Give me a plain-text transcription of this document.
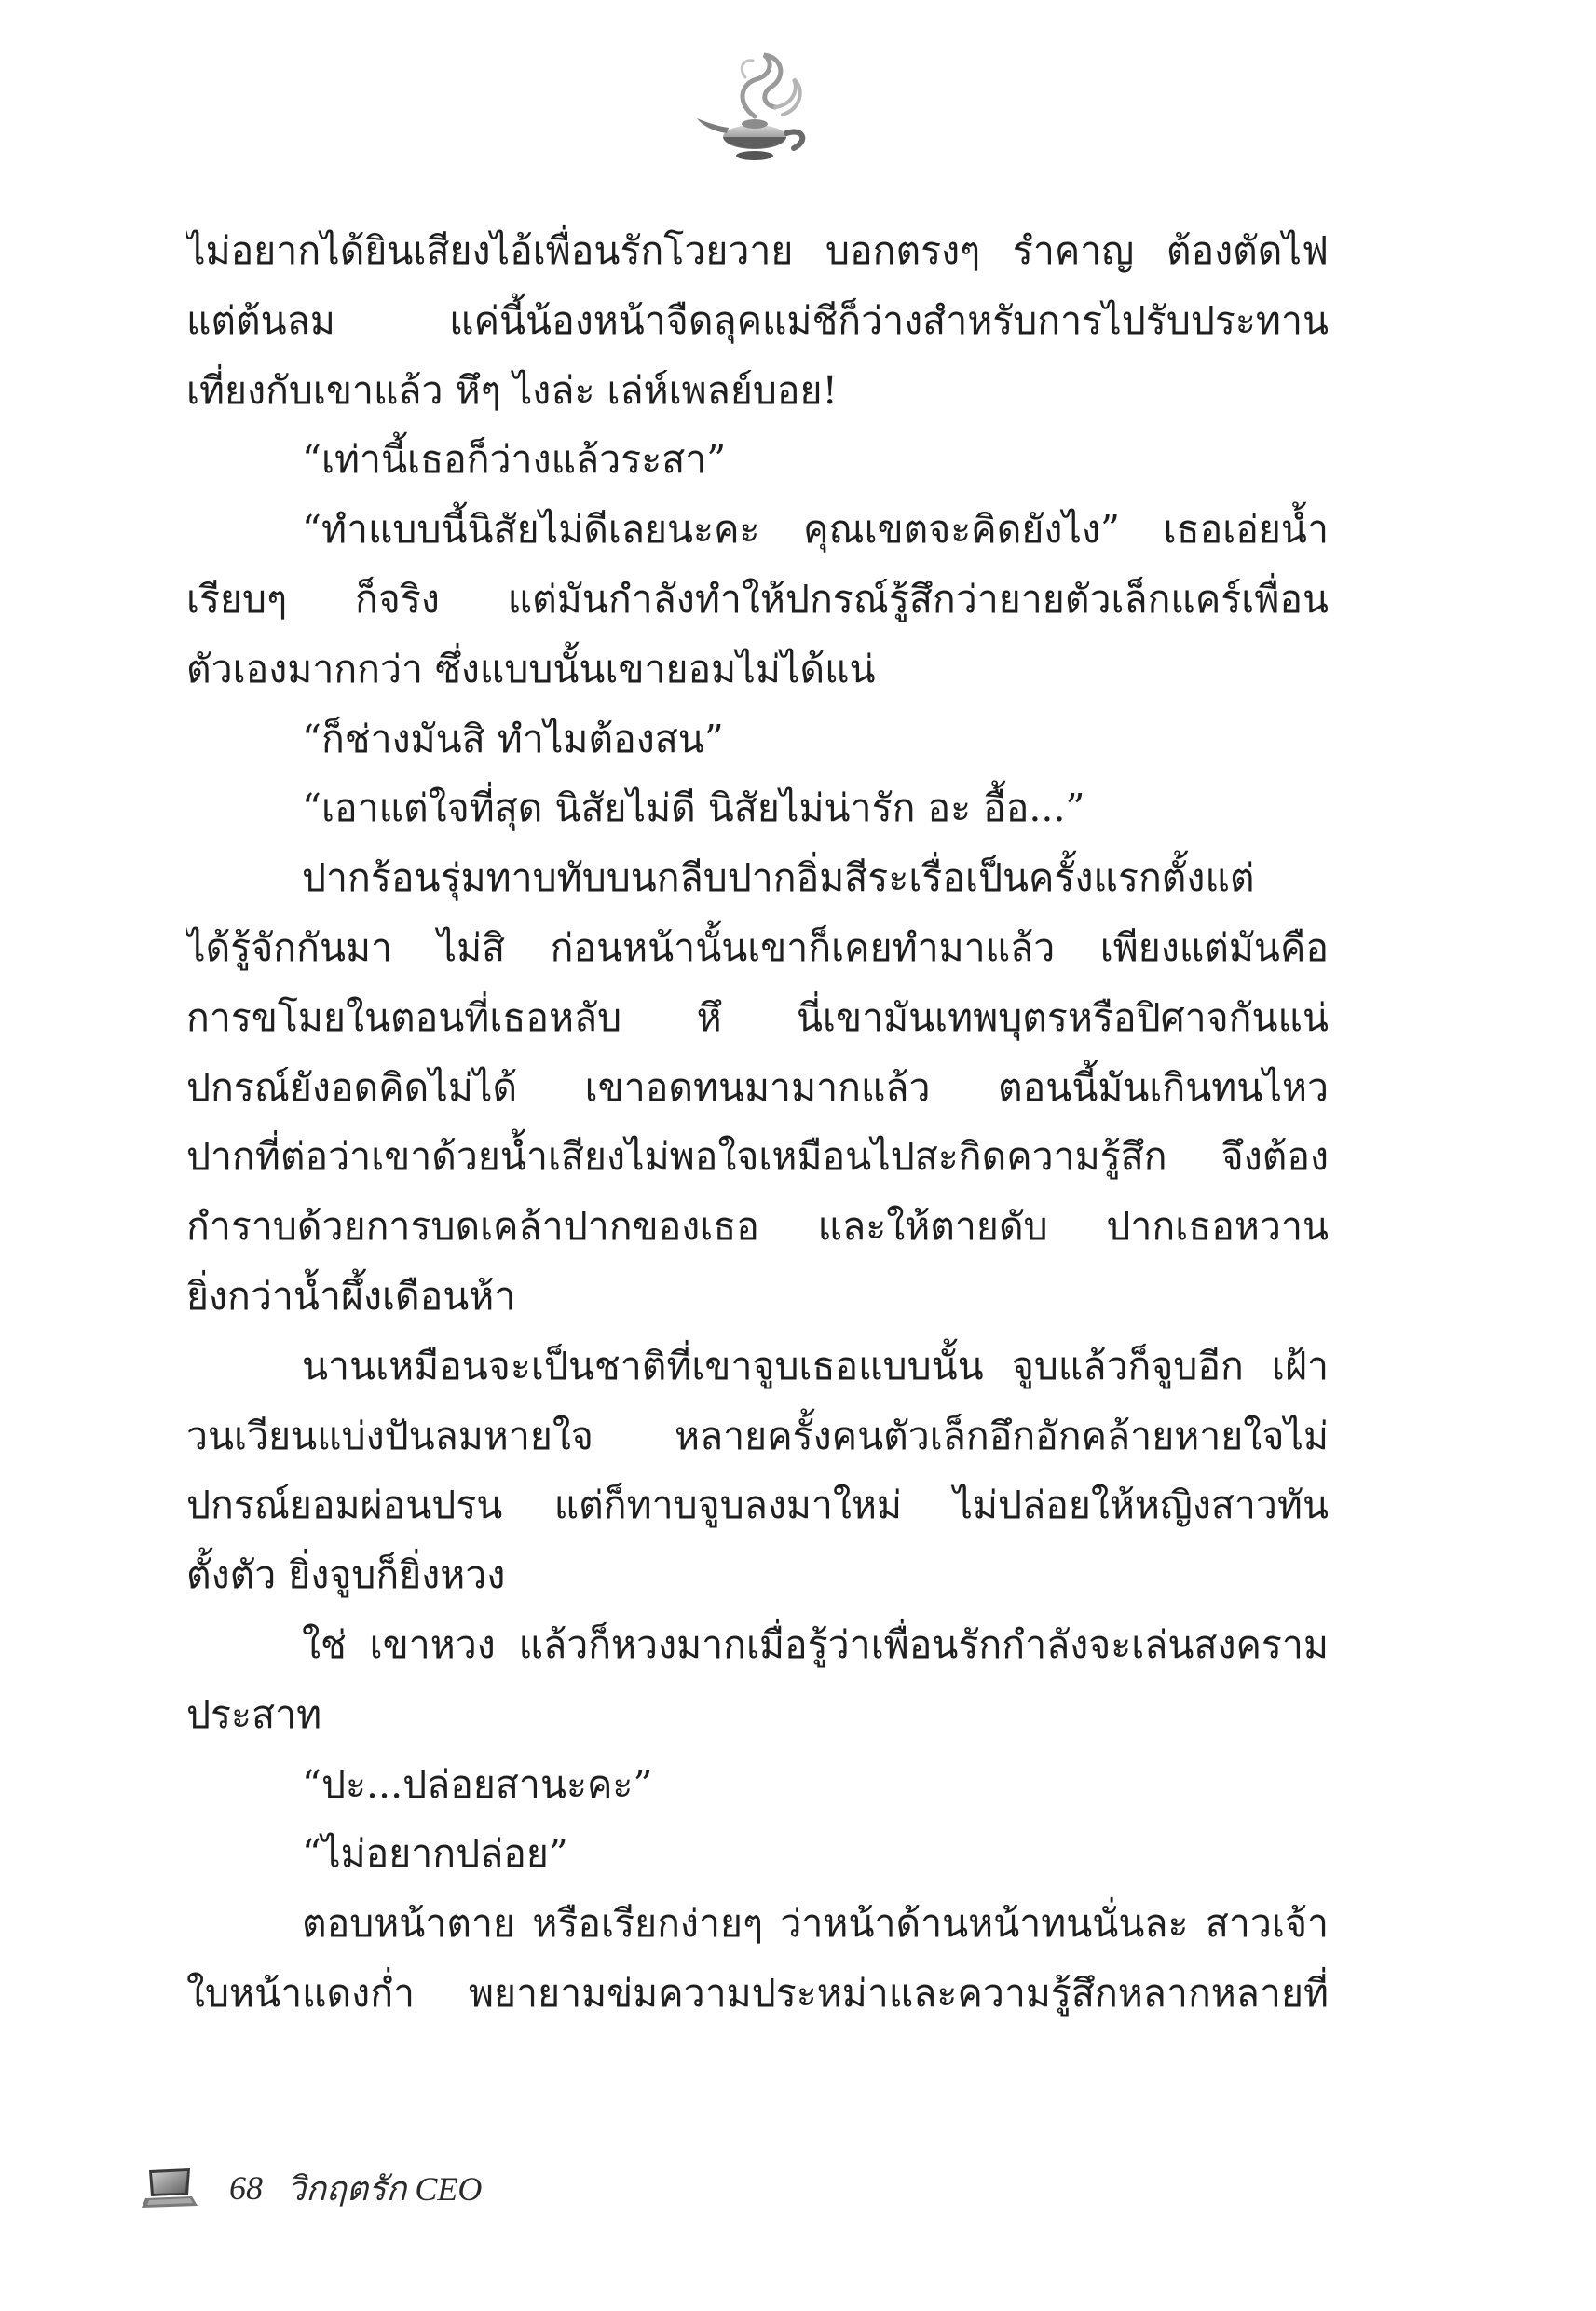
ไม่อยากได้ยินเสียงไอ้เพื่อนรักโวยวาย บอกตรงๆ รำคาญ ต้องตัดไฟ
แต่ต้นลม แค่นี้น้องหน้าจืดลุคแม่ชีก็ว่างสำหรับการไปรับประทาน
เที่ยงกับเขาแล้ว หึๆ ไงล่ะ เล่ห์เพลย์บอย!
“เท่านี้เธอก็ว่างแล้วระสา”
“ทำแบบนี้นิสัยไม่ดีเลยนะคะ คุณเขตจะคิดยังไง” เธอเอ่ยน้ำ
เรียบๆ ก็จริง แต่มันกำลังทำให้ปกรณ์รู้สึกว่ายายตัวเล็กแคร์เพื่อน
ตัวเองมากกว่า ซึ่งแบบนั้นเขายอมไม่ได้แน่
“ก็ช่างมันสิ ทำไมต้องสน”
“เอาแต่ใจที่สุด นิสัยไม่ดี นิสัยไม่น่ารัก อะ อื้อ...”
ปากร้อนรุ่มทาบทับบนกลีบปากอิ่มสีระเรื่อเป็นครั้งแรกตั้งแต่
ได้รู้จักกันมา ไม่สิ ก่อนหน้านั้นเขาก็เคยทำมาแล้ว เพียงแต่มันคือ
การขโมยในตอนที่เธอหลับ หึ นี่เขามันเทพบุตรหรือปิศาจกันแน่
ปกรณ์ยังอดคิดไม่ได้ เขาอดทนมามากแล้ว ตอนนี้มันเกินทนไหว
ปากที่ต่อว่าเขาด้วยน้ำเสียงไม่พอใจเหมือนไปสะกิดความรู้สึก จึงต้อง
กำราบด้วยการบดเคล้าปากของเธอ และให้ตายดับ ปากเธอหวาน
ยิ่งกว่าน้ำผึ้งเดือนห้า
นานเหมือนจะเป็นชาติที่เขาจูบเธอแบบนั้น จูบแล้วก็จูบอีก เฝ้า
วนเวียนแบ่งปันลมหายใจ หลายครั้งคนตัวเล็กอึกอักคล้ายหายใจไม่
ปกรณ์ยอมผ่อนปรน แต่ก็ทาบจูบลงมาใหม่ ไม่ปล่อยให้หญิงสาวทัน
ตั้งตัว ยิ่งจูบก็ยิ่งหวง
ใช่ เขาหวง แล้วก็หวงมากเมื่อรู้ว่าเพื่อนรักกำลังจะเล่นสงคราม
ประสาท
“ปะ...ปล่อยสานะคะ”
“ไม่อยากปล่อย”
ตอบหน้าตาย หรือเรียกง่ายๆ ว่าหน้าด้านหน้าทนนั่นละ สาวเจ้า
ใบหน้าแดงก่ำ พยายามข่มความประหม่าและความรู้สึกหลากหลายที่
68 วิกฤตรัก CEO
